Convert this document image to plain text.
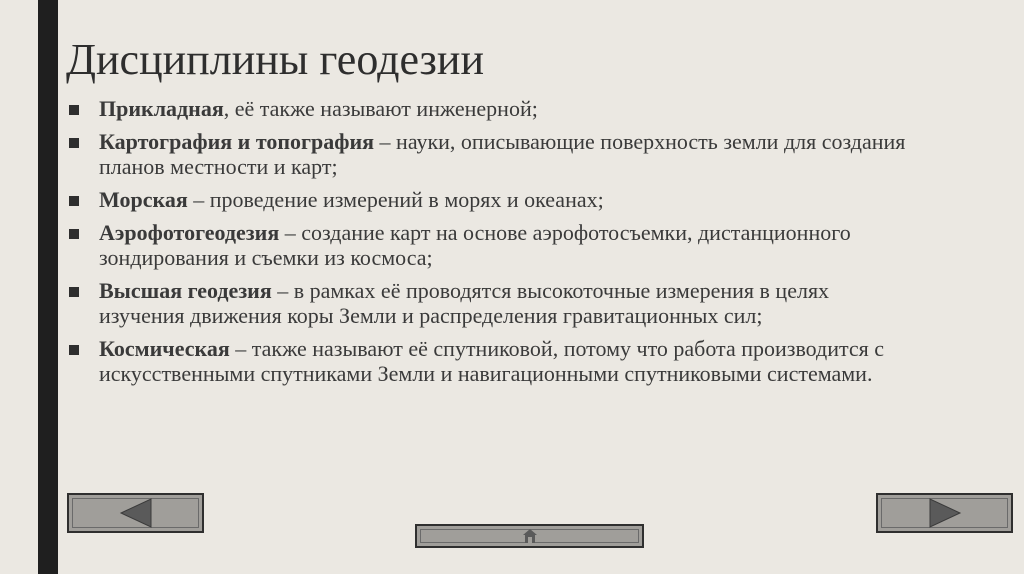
Дисциплины геодезии
Прикладная, её также называют инженерной;
Картография и топография – науки, описывающие поверхность земли для создания планов местности и карт;
Морская – проведение измерений в морях и океанах;
Аэрофотогеодезия – создание карт на основе аэрофотосъемки, дистанционного зондирования и съемки из космоса;
Высшая геодезия – в рамках её проводятся высокоточные измерения в целях изучения движения коры Земли и распределения гравитационных сил;
Космическая – также называют её спутниковой, потому что работа производится с искусственными спутниками Земли и навигационными спутниковыми системами.
